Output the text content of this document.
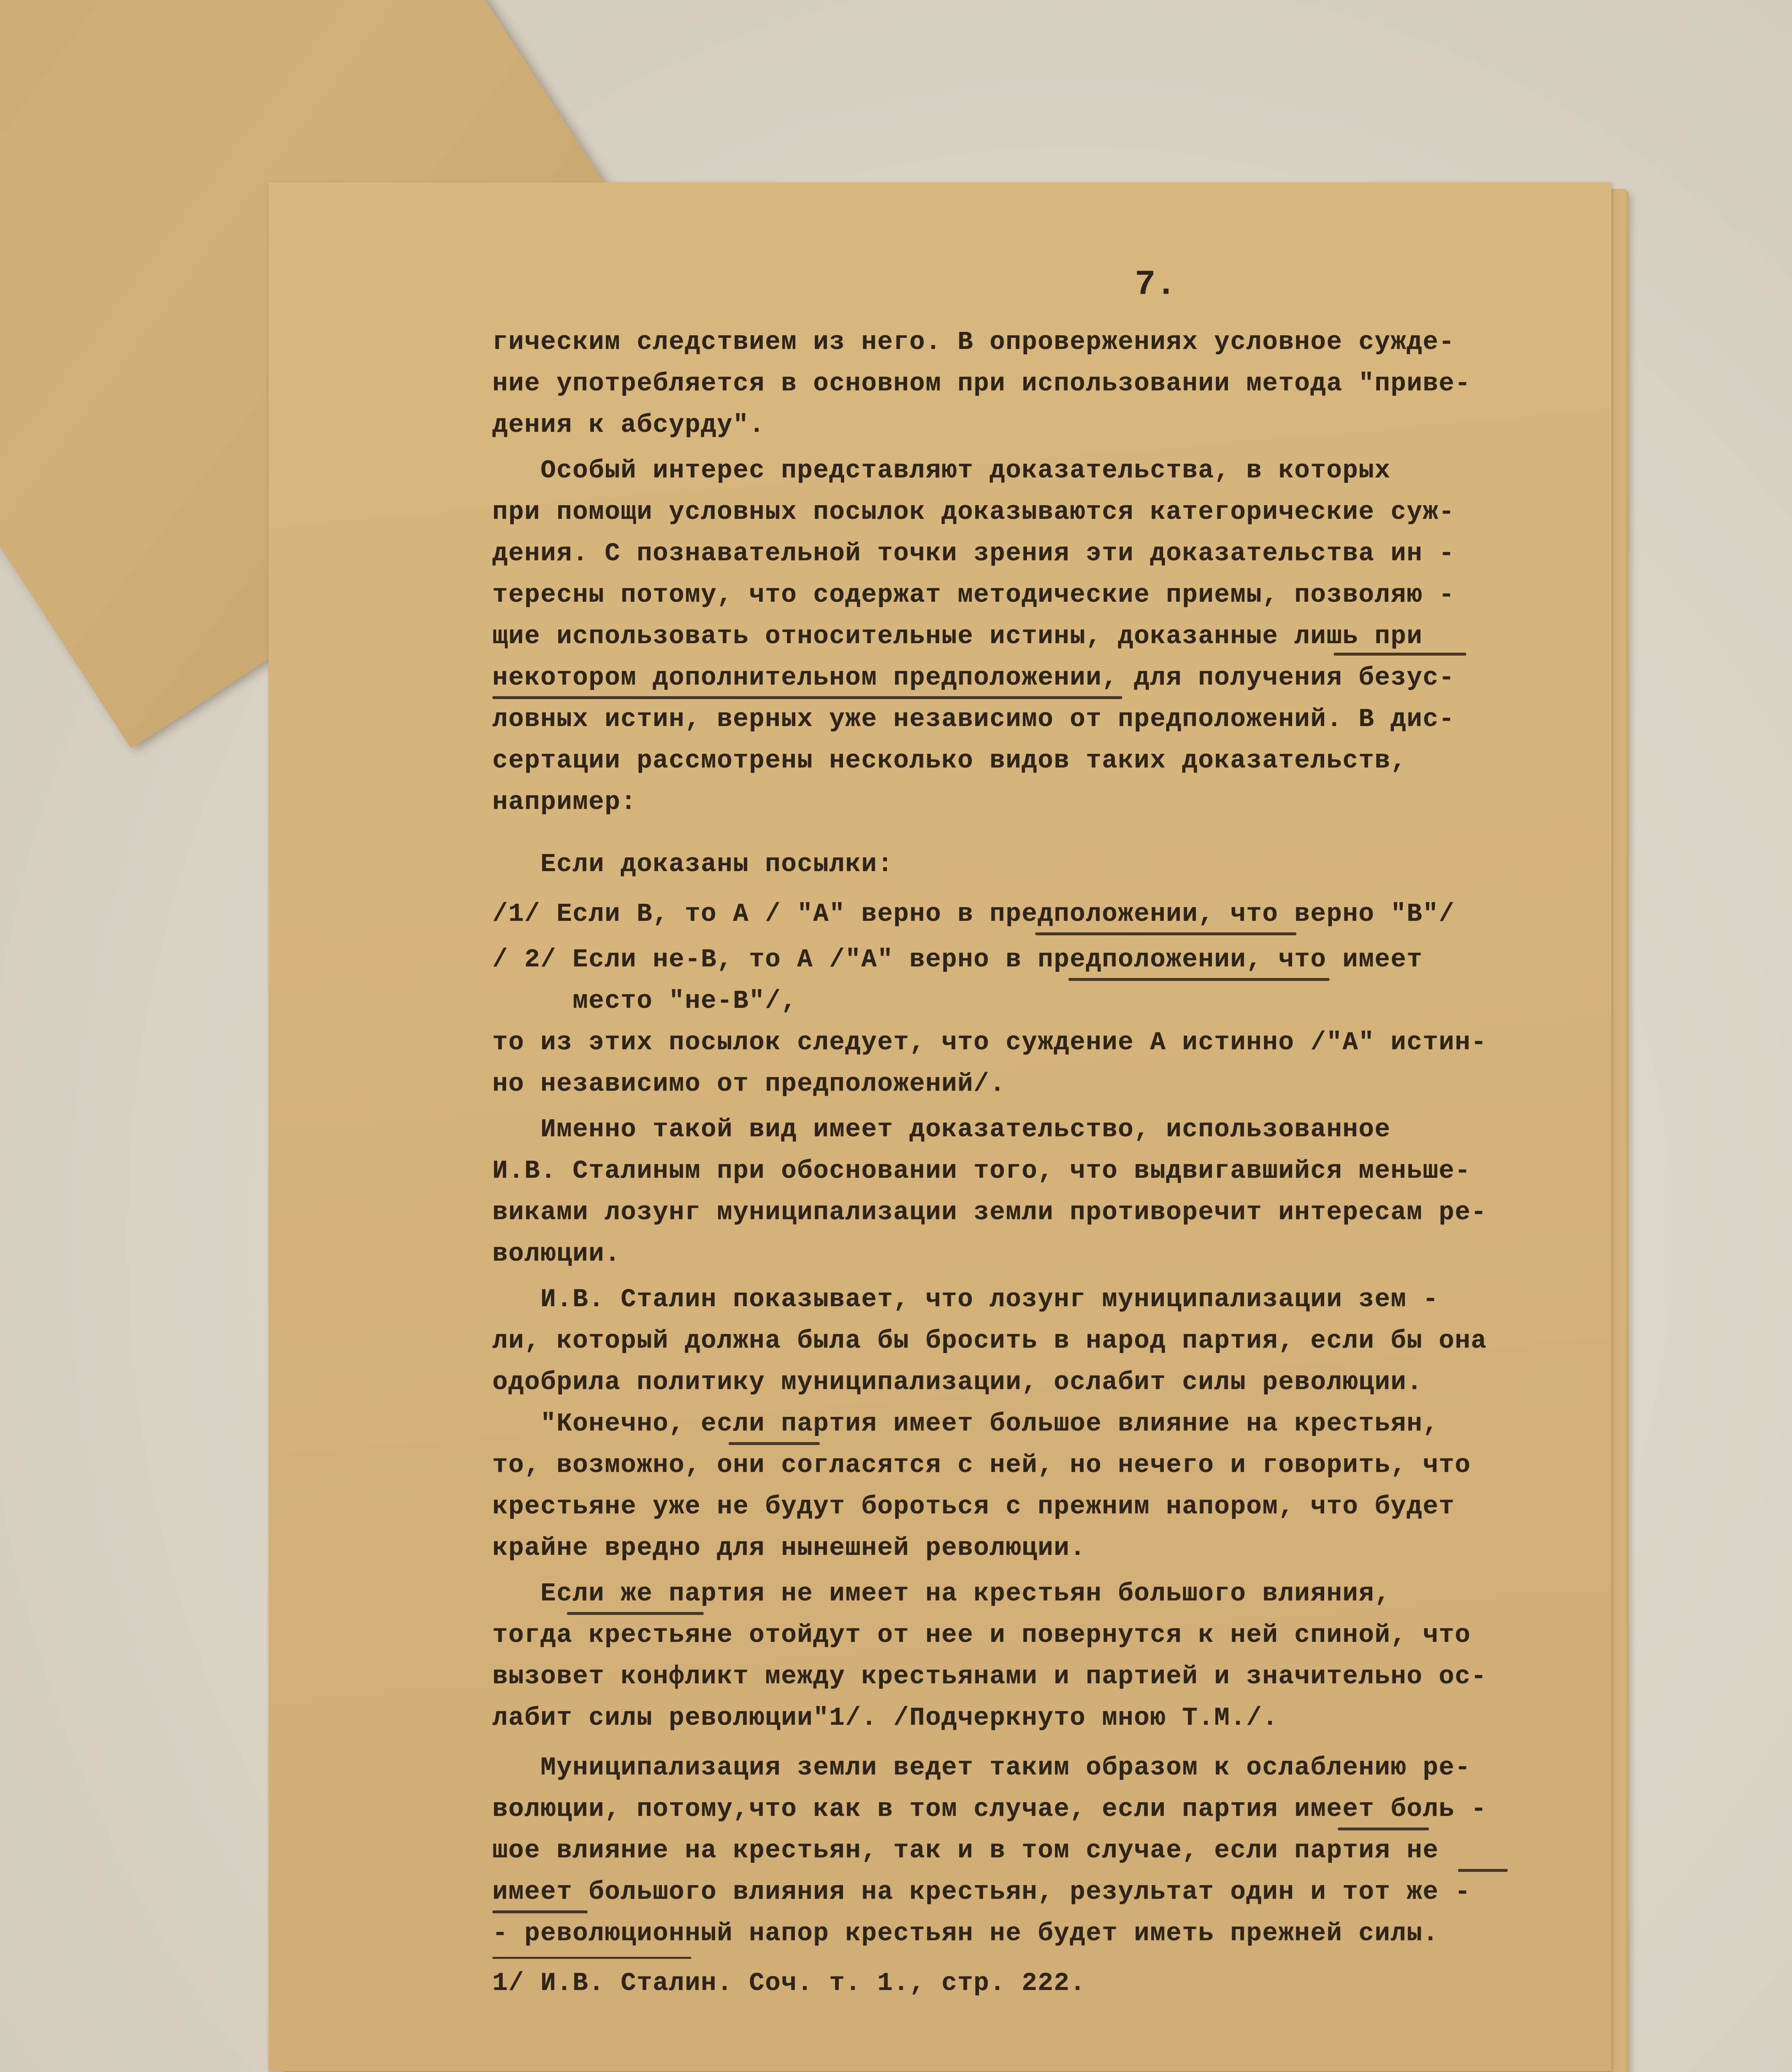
7.
гическим следствием из него. В опровержениях условное сужде-
ние употребляется в основном при использовании метода "приве-
дения к абсурду".
Особый интерес представляют доказательства, в которых
при помощи условных посылок доказываются категорические суж-
дения. С познавательной точки зрения эти доказательства ин -
тересны потому, что содержат методические приемы, позволяю -
щие использовать относительные истины, доказанные лишь при
некотором дополнительном предположении, для получения безус-
ловных истин, верных уже независимо от предположений. В дис-
сертации рассмотрены несколько видов таких доказательств,
например:
Если доказаны посылки:
/1/ Если В, то А / "А" верно в предположении, что верно "В"/
/ 2/ Если не-В, то А /"А" верно в предположении, что имеет
место "не-В"/,
то из этих посылок следует, что суждение А истинно /"А" истин-
но независимо от предположений/.
Именно такой вид имеет доказательство, использованное
И.В. Сталиным при обосновании того, что выдвигавшийся меньше-
виками лозунг муниципализации земли противоречит интересам ре-
волюции.
И.В. Сталин показывает, что лозунг муниципализации зем -
ли, который должна была бы бросить в народ партия, если бы она
одобрила политику муниципализации, ослабит силы революции.
"Конечно, если партия имеет большое влияние на крестьян,
то, возможно, они согласятся с ней, но нечего и говорить, что
крестьяне уже не будут бороться с прежним напором, что будет
крайне вредно для нынешней революции.
Если же партия не имеет на крестьян большого влияния,
тогда крестьяне отойдут от нее и повернутся к ней спиной, что
вызовет конфликт между крестьянами и партией и значительно ос-
лабит силы революции"1/. /Подчеркнуто мною Т.М./.
Муниципализация земли ведет таким образом к ослаблению ре-
волюции, потому,что как в том случае, если партия имеет боль -
шое влияние на крестьян, так и в том случае, если партия не
имеет большого влияния на крестьян, результат один и тот же -
- революционный напор крестьян не будет иметь прежней силы.
1/ И.В. Сталин. Соч. т. 1., стр. 222.
